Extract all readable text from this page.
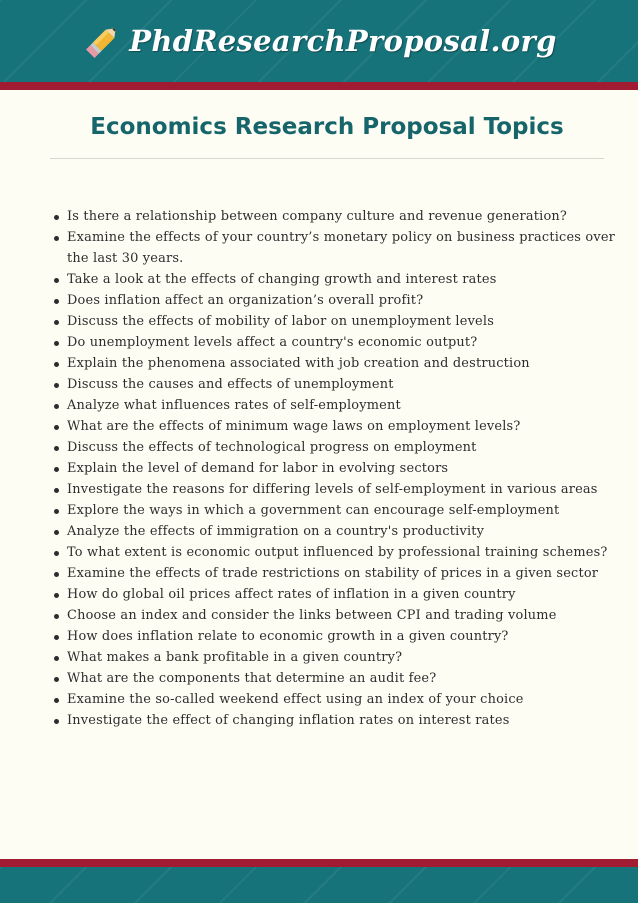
PhdResearchProposal.org
Economics Research Proposal Topics
Is there a relationship between company culture and revenue generation?
Examine the effects of your country’s monetary policy on business practices over the last 30 years.
Take a look at the effects of changing growth and interest rates
Does inflation affect an organization’s overall profit?
Discuss the effects of mobility of labor on unemployment levels
Do unemployment levels affect a country's economic output?
Explain the phenomena associated with job creation and destruction
Discuss the causes and effects of unemployment
Analyze what influences rates of self-employment
What are the effects of minimum wage laws on employment levels?
Discuss the effects of technological progress on employment
Explain the level of demand for labor in evolving sectors
Investigate the reasons for differing levels of self-employment in various areas
Explore the ways in which a government can encourage self-employment
Analyze the effects of immigration on a country's productivity
To what extent is economic output influenced by professional training schemes?
Examine the effects of trade restrictions on stability of prices in a given sector
How do global oil prices affect rates of inflation in a given country
Choose an index and consider the links between CPI and trading volume
How does inflation relate to economic growth in a given country?
What makes a bank profitable in a given country?
What are the components that determine an audit fee?
Examine the so-called weekend effect using an index of your choice
Investigate the effect of changing inflation rates on interest rates
